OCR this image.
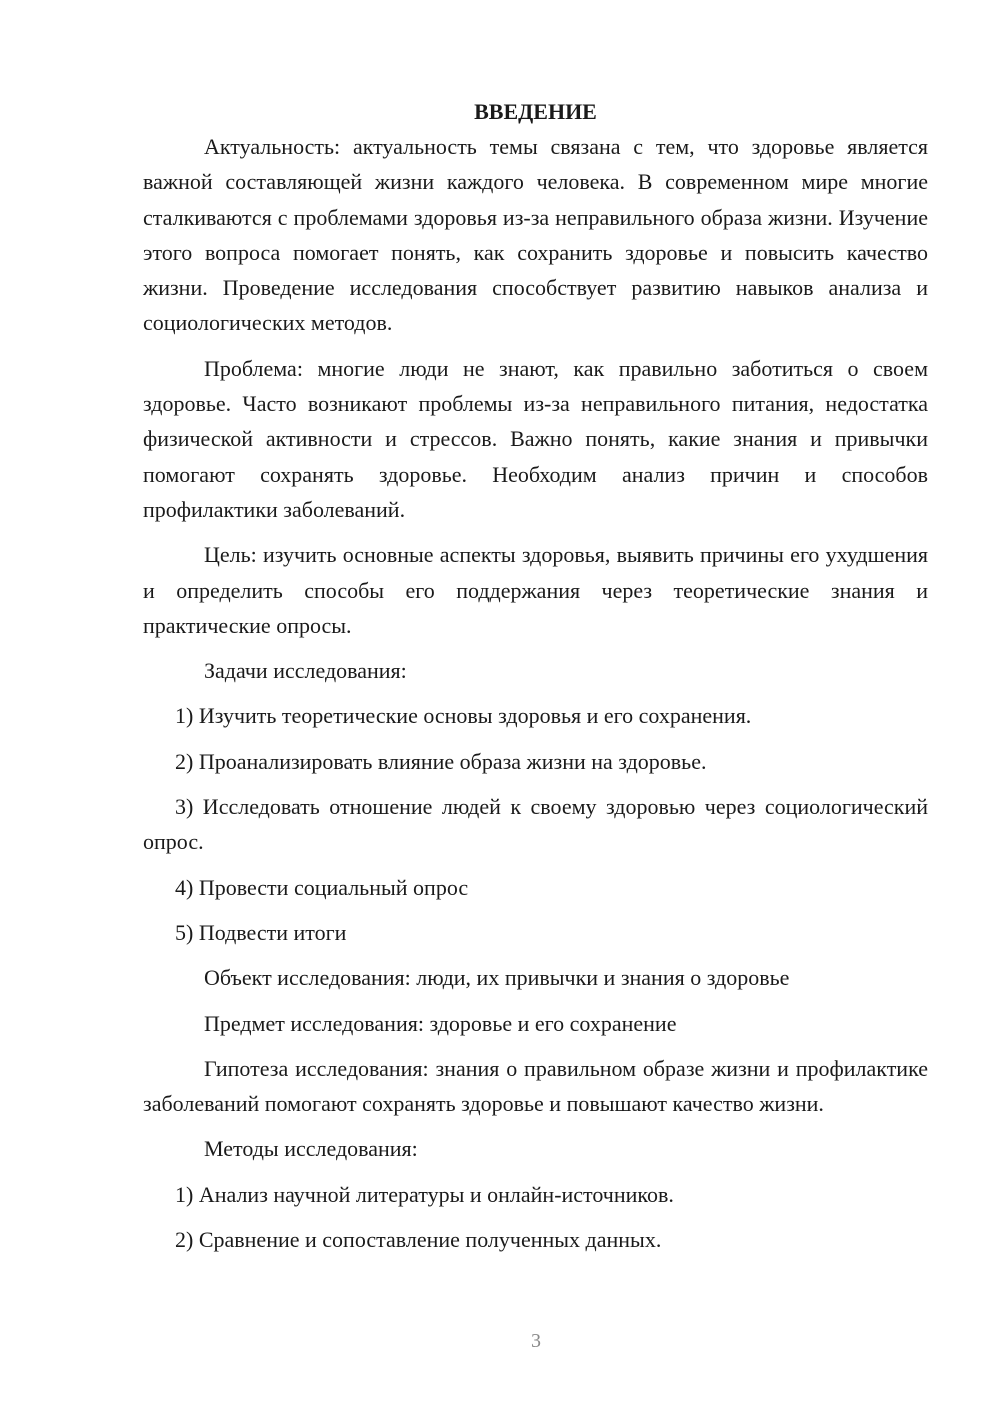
ВВЕДЕНИЕ

Актуальность: актуальность темы связана с тем, что здоровье является важной составляющей жизни каждого человека. В современном мире многие сталкиваются с проблемами здоровья из-за неправильного образа жизни. Изучение этого вопроса помогает понять, как сохранить здоровье и повысить качество жизни. Проведение исследования способствует развитию навыков анализа и социологических методов.

Проблема: многие люди не знают, как правильно заботиться о своем здоровье. Часто возникают проблемы из-за неправильного питания, недостатка физической активности и стрессов. Важно понять, какие знания и привычки помогают сохранять здоровье. Необходим анализ причин и способов профилактики заболеваний.

Цель: изучить основные аспекты здоровья, выявить причины его ухудшения и определить способы его поддержания через теоретические знания и практические опросы.

Задачи исследования:

1) Изучить теоретические основы здоровья и его сохранения.

2) Проанализировать влияние образа жизни на здоровье.

3) Исследовать отношение людей к своему здоровью через социологический опрос.

4) Провести социальный опрос

5) Подвести итоги

Объект исследования: люди, их привычки и знания о здоровье

Предмет исследования: здоровье и его сохранение

Гипотеза исследования: знания о правильном образе жизни и профилактике заболеваний помогают сохранять здоровье и повышают качество жизни.

Методы исследования:

1) Анализ научной литературы и онлайн-источников.

2) Сравнение и сопоставление полученных данных.

3
